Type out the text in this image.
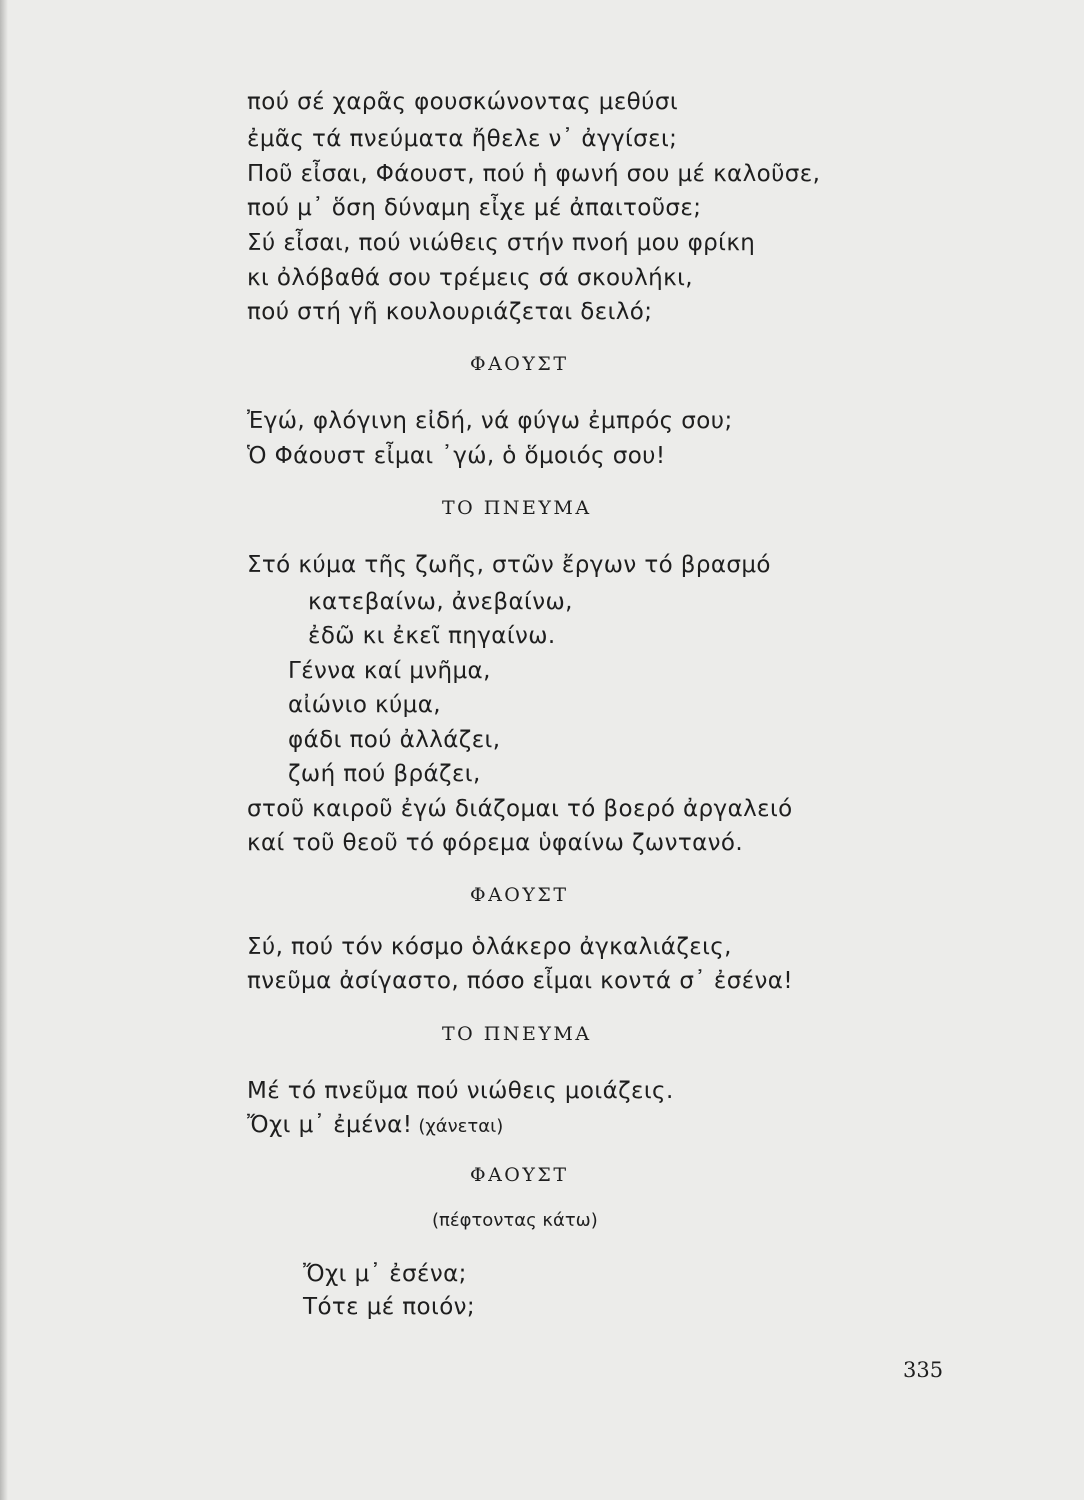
πού σέ χαρᾶς φουσκώνοντας μεθύσι

ἐμᾶς τά πνεύματα ἤθελε ν᾽ ἀγγίσει;

Ποῦ εἶσαι, Φάουστ, πού ἡ φωνή σου μέ καλοῦσε,

πού μ᾽ ὅση δύναμη εἶχε μέ ἀπαιτοῦσε;

Σύ εἶσαι, πού νιώθεις στήν πνοή μου φρίκη

κι ὀλόβαθά σου τρέμεις σά σκουλήκι,

πού στή γῆ κουλουριάζεται δειλό;

ΦΑΟΥΣΤ

Ἐγώ, φλόγινη εἰδή, νά φύγω ἐμπρός σου;

Ὁ Φάουστ εἶμαι ᾽γώ, ὁ ὅμοιός σου!

ΤΟ ΠΝΕΥΜΑ

Στό κύμα τῆς ζωῆς, στῶν ἔργων τό βρασμό

κατεβαίνω, ἀνεβαίνω,

ἐδῶ κι ἐκεῖ πηγαίνω.

Γέννα καί μνῆμα,

αἰώνιο κύμα,

φάδι πού ἀλλάζει,

ζωή πού βράζει,

στοῦ καιροῦ ἐγώ διάζομαι τό βοερό ἀργαλειό

καί τοῦ θεοῦ τό φόρεμα ὑφαίνω ζωντανό.

ΦΑΟΥΣΤ

Σύ, πού τόν κόσμο ὁλάκερο ἀγκαλιάζεις,

πνεῦμα ἀσίγαστο, πόσο εἶμαι κοντά σ᾽ ἐσένα!

ΤΟ ΠΝΕΥΜΑ

Μέ τό πνεῦμα πού νιώθεις μοιάζεις.

Ὄχι μ᾽ ἐμένα! (χάνεται)

ΦΑΟΥΣΤ

(πέφτοντας κάτω)

Ὄχι μ᾽ ἐσένα;

Τότε μέ ποιόν;

335
